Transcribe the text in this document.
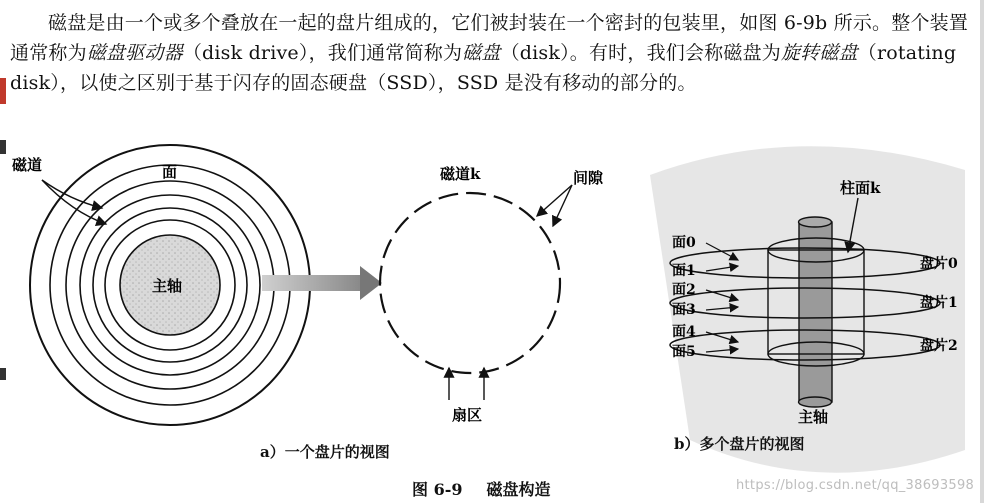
磁盘是由一个或多个叠放在一起的盘片组成的，它们被封装在一个密封的包装里，如图 6-9b 所示。整个装置通常称为磁盘驱动器（disk drive），我们通常简称为磁盘（disk）。有时，我们会称磁盘为旋转磁盘（rotating disk），以使之区别于基于闪存的固态硬盘（SSD），SSD 是没有移动的部分的。
主轴
磁道	面	磁道k	间隙
扇区
柱面k
面0
面1
面2
面3
面4
面5
盘片0
盘片1
盘片2
主轴
a）一个盘片的视图	b）多个盘片的视图
图 6-9 磁盘构造	https://blog.csdn.net/qq_38693598
